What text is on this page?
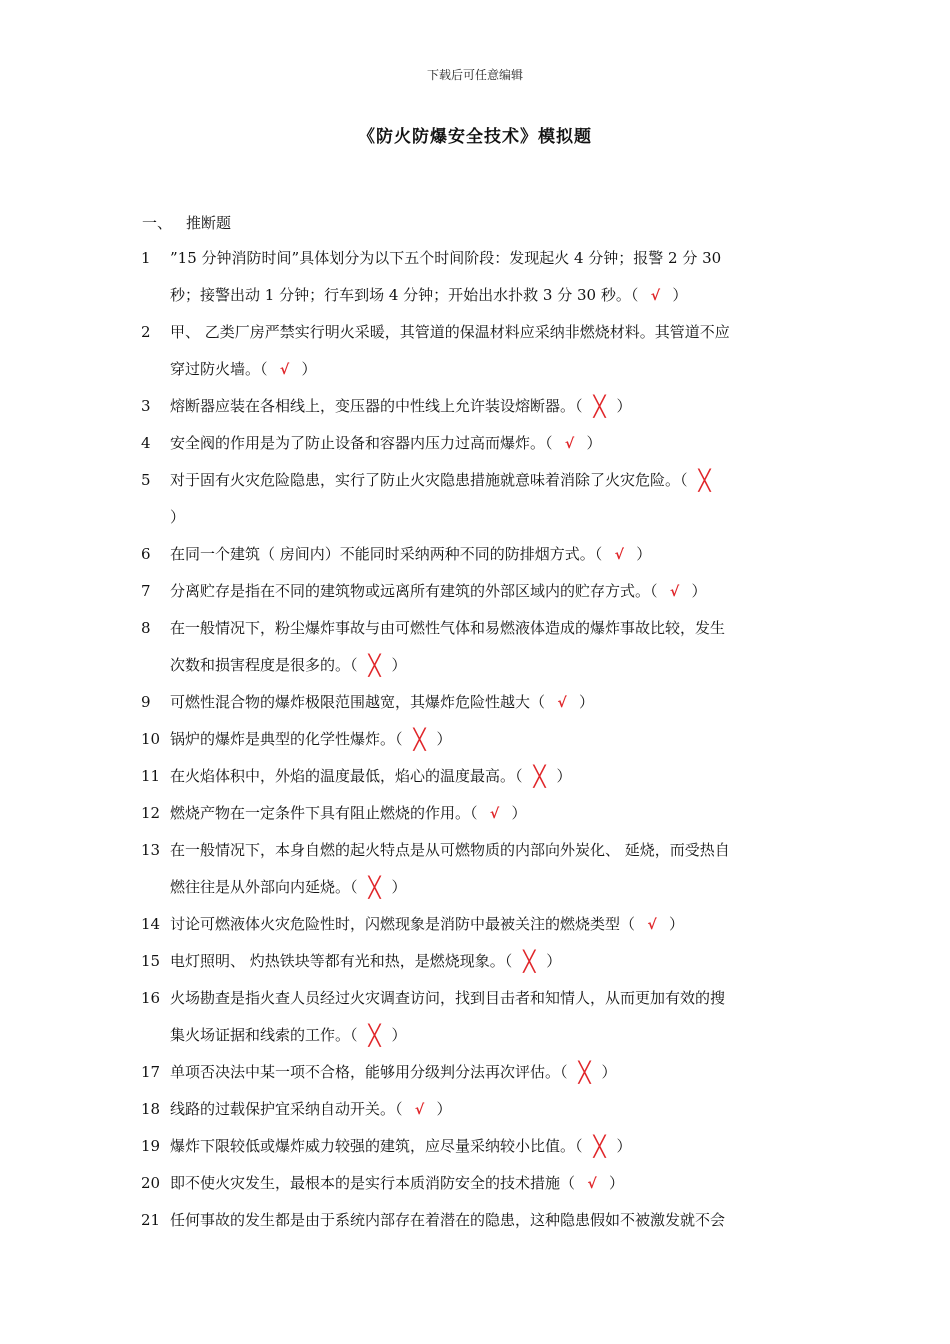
下载后可任意编辑
《防火防爆安全技术》模拟题
一、 推断题
1	”15 分钟消防时间”具体划分为以下五个时间阶段：发现起火 4 分钟；报警 2 分 30
秒；接警出动 1 分钟；行车到场 4 分钟；开始出水扑救 3 分 30 秒。（ √ ）
2	甲、 乙类厂房严禁实行明火采暖，其管道的保温材料应采纳非燃烧材料。其管道不应
穿过防火墙。（ √ ）
3	熔断器应装在各相线上，变压器的中性线上允许装设熔断器。（ ╳ ）
4	安全阀的作用是为了防止设备和容器内压力过高而爆炸。（ √ ）
5	对于固有火灾危险隐患，实行了防止火灾隐患措施就意味着消除了火灾危险。（ ╳
）
6	在同一个建筑（ 房间内）不能同时采纳两种不同的防排烟方式。（ √ ）
7	分离贮存是指在不同的建筑物或远离所有建筑的外部区域内的贮存方式。（ √ ）
8	在一般情况下，粉尘爆炸事故与由可燃性气体和易燃液体造成的爆炸事故比较，发生
次数和损害程度是很多的。（ ╳ ）
9	可燃性混合物的爆炸极限范围越宽，其爆炸危险性越大（ √ ）
10 锅炉的爆炸是典型的化学性爆炸。（ ╳ ）
11 在火焰体积中，外焰的温度最低，焰心的温度最高。（ ╳ ）
12 燃烧产物在一定条件下具有阻止燃烧的作用。（ √ ）
13 在一般情况下，本身自燃的起火特点是从可燃物质的内部向外炭化、 延烧，而受热自
燃往往是从外部向内延烧。（ ╳ ）
14 讨论可燃液体火灾危险性时，闪燃现象是消防中最被关注的燃烧类型（ √ ）
15 电灯照明、 灼热铁块等都有光和热，是燃烧现象。（ ╳ ）
16 火场勘查是指火查人员经过火灾调查访问，找到目击者和知情人，从而更加有效的搜
集火场证据和线索的工作。（ ╳ ）
17 单项否决法中某一项不合格，能够用分级判分法再次评估。（ ╳ ）
18 线路的过载保护宜采纳自动开关。（ √ ）
19 爆炸下限较低或爆炸威力较强的建筑，应尽量采纳较小比值。（ ╳ ）
20 即不使火灾发生，最根本的是实行本质消防安全的技术措施（ √ ）
21 任何事故的发生都是由于系统内部存在着潜在的隐患，这种隐患假如不被激发就不会
